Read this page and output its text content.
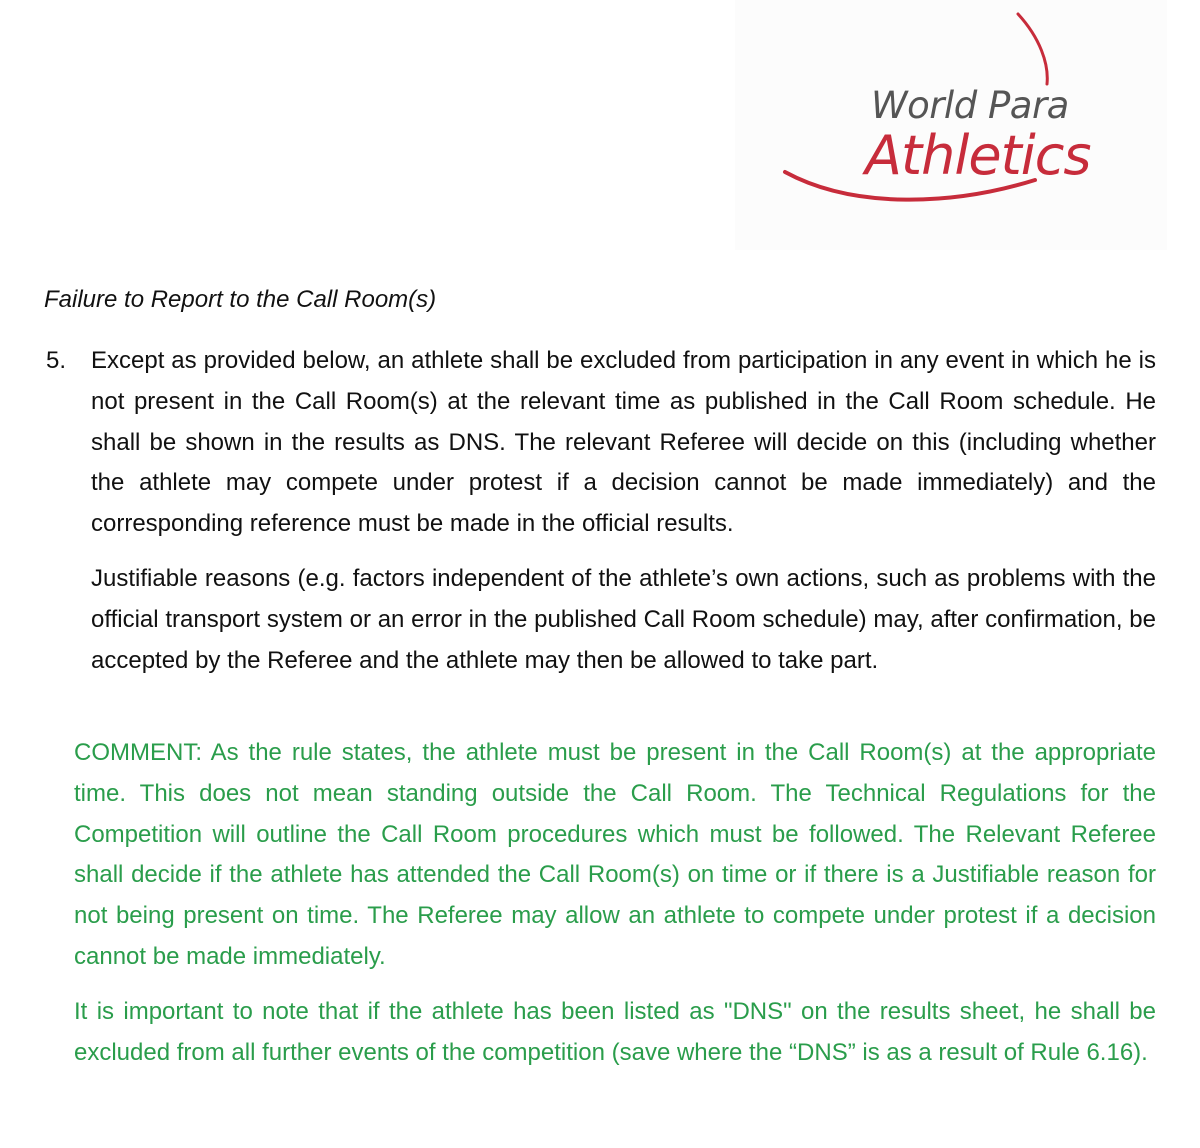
World Para
Athletics
Failure to Report to the Call Room(s)
5. Except as provided below, an athlete shall be excluded from participation in any event in which he is not present in the Call Room(s) at the relevant time as published in the Call Room schedule. He shall be shown in the results as DNS. The relevant Referee will decide on this (including whether the athlete may compete under protest if a decision cannot be made immediately) and the corresponding reference must be made in the official results.

Justifiable reasons (e.g. factors independent of the athlete’s own actions, such as problems with the official transport system or an error in the published Call Room schedule) may, after confirmation, be accepted by the Referee and the athlete may then be allowed to take part.

COMMENT: As the rule states, the athlete must be present in the Call Room(s) at the appropriate time. This does not mean standing outside the Call Room. The Technical Regulations for the Competition will outline the Call Room procedures which must be followed. The Relevant Referee shall decide if the athlete has attended the Call Room(s) on time or if there is a Justifiable reason for not being present on time. The Referee may allow an athlete to compete under protest if a decision cannot be made immediately.

It is important to note that if the athlete has been listed as "DNS" on the results sheet, he shall be excluded from all further events of the competition (save where the “DNS” is as a result of Rule 6.16).
